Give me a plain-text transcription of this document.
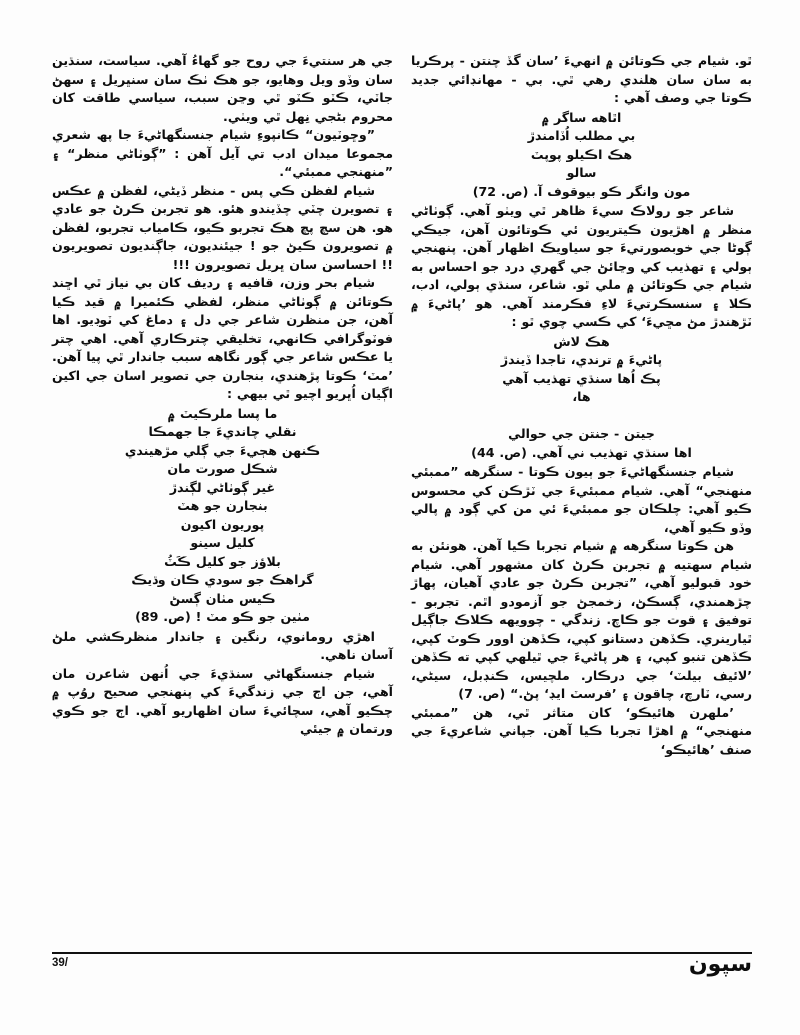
جي هر سنتيءَ جي روح جو گهاءُ آهي. سياست، سنڌين سان وڏو ويل وهايو، جو هڪ ٺڪ سان سنڀريل ۽ سهڻ جاٽي، ڪٽو ڪٽو ٿي وڃن سبب، سياسي طاقت کان محروم بڻجي نِهل ٿي ويٺي.

”وڇوٽيون“ ڪانپوءِ شيام جنسنگهاڻيءَ جا پھ شعري مجموعا ميدان ادب تي آيل آهن : ”ڳوٺاڻي منظر“ ۽ ”منهنجي ممبئي“.

شيام لفظن ڪي پس - منظر ڏيڻي، لفظن ۾ عڪس ۽ تصويرن چٽي چڏيندو هئو. هو تجربن ڪرڻ جو عادي هو. هن سچ پچ هڪ تجربو ڪيو، ڪامياب تجربو، لفظن ۾ تصويرون ڪيڻ جو ! جيئنديون، جاڳنديون تصويريون !! احساسن سان ڀريل تصويرون !!!

شيام بحر وزن، قافيه ۽ رديف کان بي نياز ٿي اڇند ڪوتائن ۾ ڳوٺاڻي منظر، لفظي ڪئميرا ۾ قيد ڪيا آهن، جن منظرن شاعر جي دل ۽ دماغ کي ٽوڊيو. اها فوٽوگرافي ڪانهي، تخليقي چترڪاري آهي. اهي چتر يا عڪس شاعر جي ڳور نگاهه سبب جاندار ٿي پيا آهن. ’مٽ‘ ڪوتا پڙهندي، بنجارن جي تصوير اسان جي اکين اڳيان اُڀريو اچيو ٿي بيهي :

ما پسا ملرڪيٽ ۾
نقلي چانديءَ جا جهمڪا
ڪنهن هڄيءَ جي ڳلي مڙهيندي
شڪل صورت مان
غير ڳوٺاڻي لڳندڙ
بنجارن جو هٽ
پوريون اکيون
کليل سينو
بلاؤز جو کليل ڪَٽُ
گراهڪ جو سودي ڪان وڌيڪ
ڪيس مٺان ڳسڻ
مٺين جو ڪو مٽ ! (ص. 89)

اهڙي رومانوي، رنگين ۽ جاندار منظرڪشي ملڻ آسان ناهي.

شيام جنسنگهاڻي سنڌيءَ جي اُنهن شاعرن مان آهي، جن اڄ جي زندگيءَ کي پنهنجي صحيح روُپ ۾ چڪيو آهي، سچائيءَ سان اظهاريو آهي. اڄ جو ڪوي ورتمان ۾ جيئي

ٿو. شيام جي ڪوتائن ۾ انهيءَ ’سان گڏ چنتن - پرڪريا به سان سان هلندي رهي ٿي. بي - مهانڊائي جديد ڪوتا جي وصف آهي :

اٿاهه ساگر ۾
بي مطلب اُڏامندڙ
هڪ اڪيلو پوپٽ
سالو
مون وانگر ڪو بيوقوف آ. (ص. 72)

شاعر جو رولاڪ سيءَ ظاهر ٿي ويٺو آهي. ڳوٺاڻي منظر ۾ اهڙيون ڪيتريون ئي ڪوتائون آهن، جيڪي ڳوڻا جي خوبصورتيءَ جو سياويڪ اظهار آهن. پنهنجي ٻولي ۽ تهذيب کي وڃائڻ جي گهري درد جو احساس به شيام جي ڪوتائن ۾ ملي ٿو. شاعر، سنڌي ٻولي، ادب، ڪلا ۽ سنسڪرتيءَ لاءِ فڪرمند آهي. هو ’پاڻيءَ ۾ ٽڙهندڙ مڻ مڇيءَ‘ کي ڪسي چوي ٿو :

هڪ لاش
پاڻيءَ ۾ ترندي، تاجدا ڏيندڙ
پڪ اُها سنڌي تهذيب آهي
ها،

جيتن - جنتن جي حوالي
اها سنڌي تهذيب ني آهي. (ص. 44)

شيام جنسنگهاڻيءَ جو ٻيون ڪوتا - سنگرهه ”ممبئي منهنجي“ آهي. شيام ممبئيءَ جي ٽڙڪن کي محسوس ڪيو آهي: چلڪان جو ممبئيءَ ئي من کي ڳود ۾ پالي وڏو ڪيو آهي،

هن ڪوتا سنگرهه ۾ شيام تجربا ڪيا آهن. هونئن به شيام سهتيه ۾ تجربن ڪرڻ کان مشهور آهي. شيام خود قبوليو آهي، ”تجربن ڪرڻ جو عادي آهيان، پهاڙ چڙهمندي، ڳسڪڻ، زخمجڻ جو آزمودو اٿم. تجربو - توفيق ۽ قوت جو ڪاچ. زندگي - چوويهه ڪلاڪ جاڳيل ٿيارينري. ڪڏهن دستانو کپي، ڪڏهن اوور ڪوٽ کپي، ڪڏهن تنبو کپي، ۽ هر پاڻيءَ جي ٿيلهي کپي ته ڪڏهن ’لائيف بيلٽ‘ جي درڪار. ملچيس، ڪنڊبل، سيڻي، رسي، ٽارچ، چاقون ۽ ’فرسٽ ايڊ‘ پڻ.“ (ص. 7)

’ملهرن هائيڪو‘ کان متاثر ٿي، هن ”ممبئي منهنجي“ ۾ اهڙا تجربا ڪيا آهن. جپاني شاعريءَ جي صنف ’هائيڪو‘

39/	سپون
